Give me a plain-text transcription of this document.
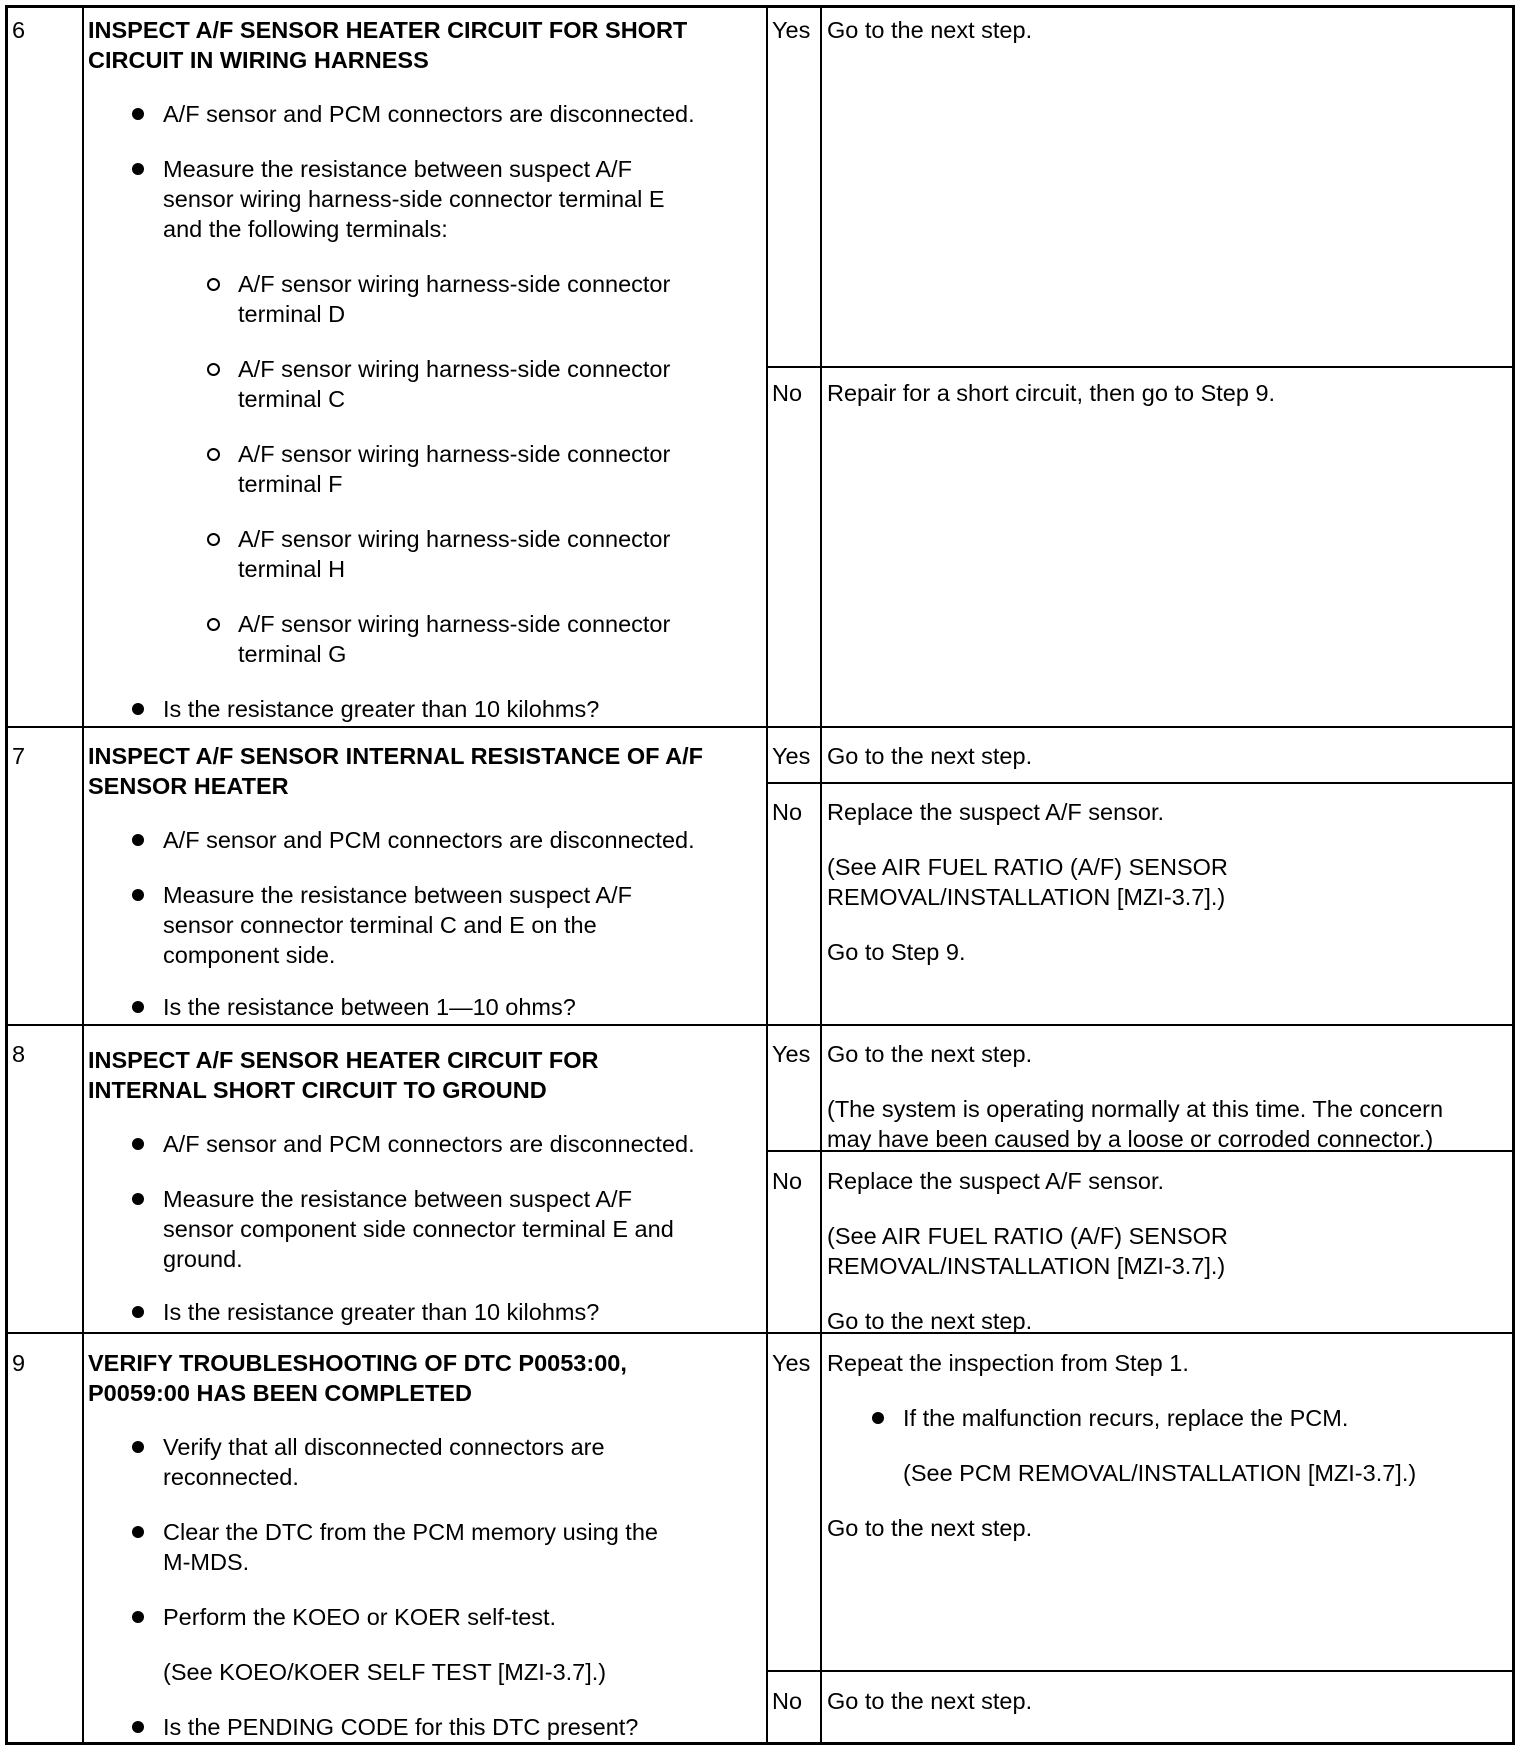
6	INSPECT A/F SENSOR HEATER CIRCUIT FOR SHORT
CIRCUIT IN WIRING HARNESS
A/F sensor and PCM connectors are disconnected.
Measure the resistance between suspect A/F
sensor wiring harness-side connector terminal E
and the following terminals:
A/F sensor wiring harness-side connector
terminal D
A/F sensor wiring harness-side connector
terminal C
A/F sensor wiring harness-side connector
terminal F
A/F sensor wiring harness-side connector
terminal H
A/F sensor wiring harness-side connector
terminal G
Is the resistance greater than 10 kilohms?
Yes Go to the next step.
No Repair for a short circuit, then go to Step 9.
7	INSPECT A/F SENSOR INTERNAL RESISTANCE OF A/F
SENSOR HEATER
A/F sensor and PCM connectors are disconnected.
Measure the resistance between suspect A/F
sensor connector terminal C and E on the
component side.
Is the resistance between 1—10 ohms?
Yes Go to the next step.
No Replace the suspect A/F sensor.
(See AIR FUEL RATIO (A/F) SENSOR
REMOVAL/INSTALLATION [MZI-3.7].)
Go to Step 9.
8	INSPECT A/F SENSOR HEATER CIRCUIT FOR
INTERNAL SHORT CIRCUIT TO GROUND
A/F sensor and PCM connectors are disconnected.
Measure the resistance between suspect A/F
sensor component side connector terminal E and
ground.
Is the resistance greater than 10 kilohms?
Yes Go to the next step.
(The system is operating normally at this time. The concern
may have been caused by a loose or corroded connector.)
No Replace the suspect A/F sensor.
(See AIR FUEL RATIO (A/F) SENSOR
REMOVAL/INSTALLATION [MZI-3.7].)
Go to the next step.
9	VERIFY TROUBLESHOOTING OF DTC P0053:00,
P0059:00 HAS BEEN COMPLETED
Verify that all disconnected connectors are
reconnected.
Clear the DTC from the PCM memory using the
M-MDS.
Perform the KOEO or KOER self-test.
(See KOEO/KOER SELF TEST [MZI-3.7].)
Is the PENDING CODE for this DTC present?
Yes Repeat the inspection from Step 1.
If the malfunction recurs, replace the PCM.
(See PCM REMOVAL/INSTALLATION [MZI-3.7].)
Go to the next step.
No Go to the next step.
